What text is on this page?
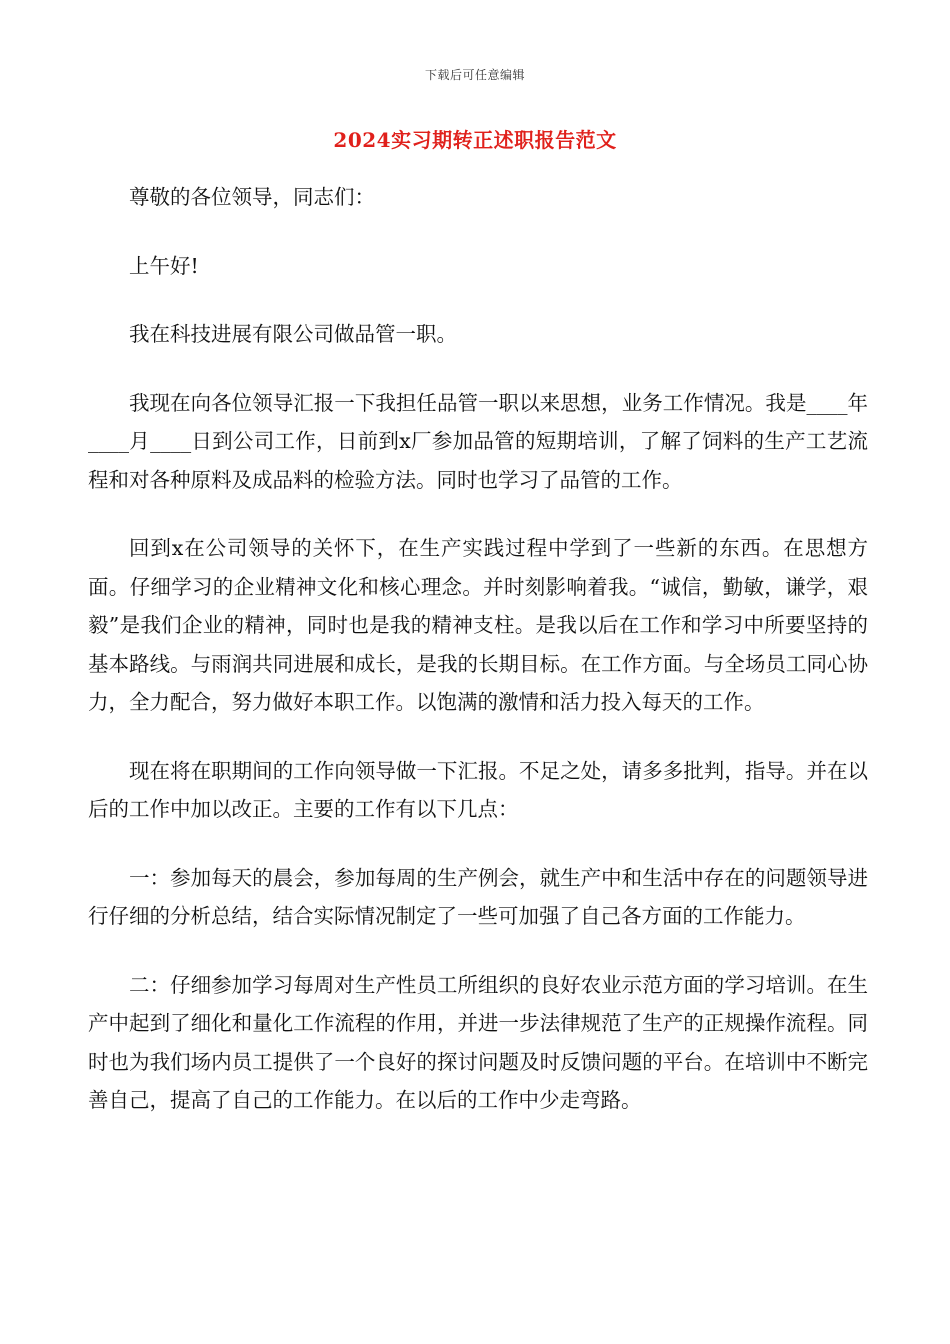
下载后可任意编辑
2024实习期转正述职报告范文

尊敬的各位领导，同志们：

上午好!

我在科技进展有限公司做品管一职。

我现在向各位领导汇报一下我担任品管一职以来思想，业务工作情况。我是____年____月____日到公司工作，日前到x厂参加品管的短期培训，了解了饲料的生产工艺流程和对各种原料及成品料的检验方法。同时也学习了品管的工作。

回到x在公司领导的关怀下，在生产实践过程中学到了一些新的东西。在思想方面。仔细学习的企业精神文化和核心理念。并时刻影响着我。“诚信，勤敏，谦学，艰毅”是我们企业的精神，同时也是我的精神支柱。是我以后在工作和学习中所要坚持的基本路线。与雨润共同进展和成长，是我的长期目标。在工作方面。与全场员工同心协力，全力配合，努力做好本职工作。以饱满的激情和活力投入每天的工作。

现在将在职期间的工作向领导做一下汇报。不足之处，请多多批判，指导。并在以后的工作中加以改正。主要的工作有以下几点：

一：参加每天的晨会，参加每周的生产例会，就生产中和生活中存在的问题领导进行仔细的分析总结，结合实际情况制定了一些可加强了自己各方面的工作能力。

二：仔细参加学习每周对生产性员工所组织的良好农业示范方面的学习培训。在生产中起到了细化和量化工作流程的作用，并进一步法律规范了生产的正规操作流程。同时也为我们场内员工提供了一个良好的探讨问题及时反馈问题的平台。在培训中不断完善自己，提高了自己的工作能力。在以后的工作中少走弯路。
